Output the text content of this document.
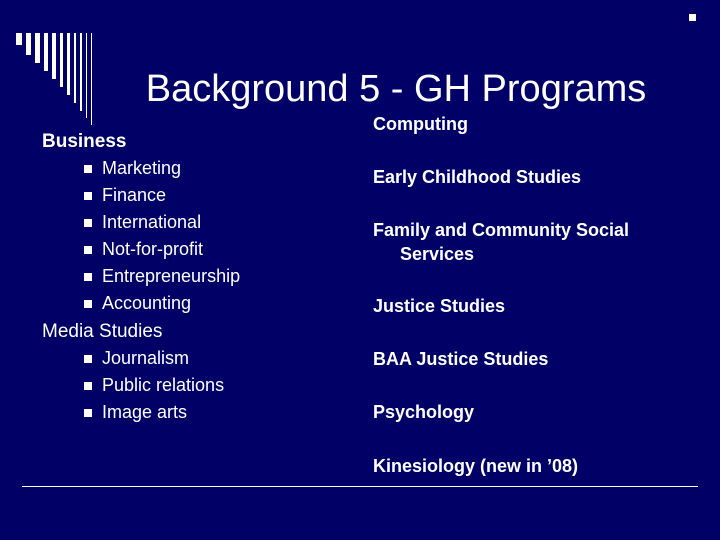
Background 5 - GH Programs
Business
Marketing
Finance
International
Not-for-profit
Entrepreneurship
Accounting
Media Studies
Journalism
Public relations
Image arts
Computing
Early Childhood Studies
Family and Community Social
Services
Justice Studies
BAA Justice Studies
Psychology
Kinesiology (new in ’08)
